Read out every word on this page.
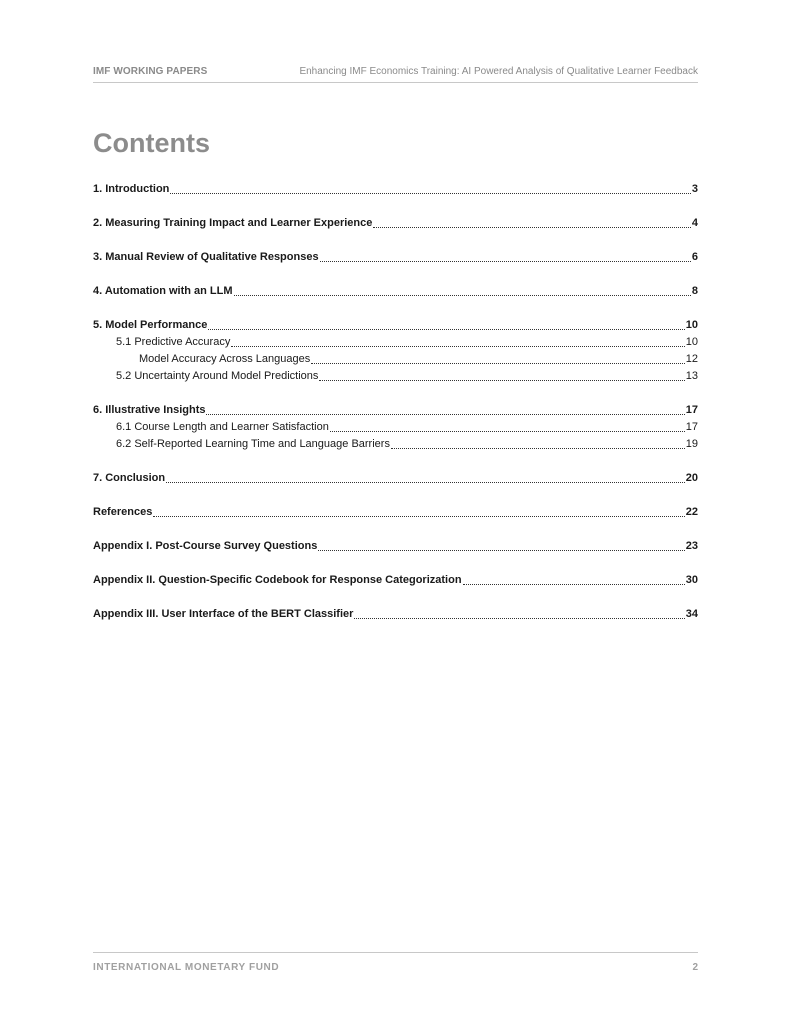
IMF WORKING PAPERS	Enhancing IMF Economics Training: AI Powered Analysis of Qualitative Learner Feedback
Contents
1. Introduction	3
2. Measuring Training Impact and Learner Experience	4
3. Manual Review of Qualitative Responses	6
4. Automation with an LLM	8
5. Model Performance	10
5.1 Predictive Accuracy	10
Model Accuracy Across Languages	12
5.2 Uncertainty Around Model Predictions	13
6. Illustrative Insights	17
6.1 Course Length and Learner Satisfaction	17
6.2 Self-Reported Learning Time and Language Barriers	19
7. Conclusion	20
References	22
Appendix I. Post-Course Survey Questions	23
Appendix II. Question-Specific Codebook for Response Categorization	30
Appendix III. User Interface of the BERT Classifier	34
INTERNATIONAL MONETARY FUND	2
